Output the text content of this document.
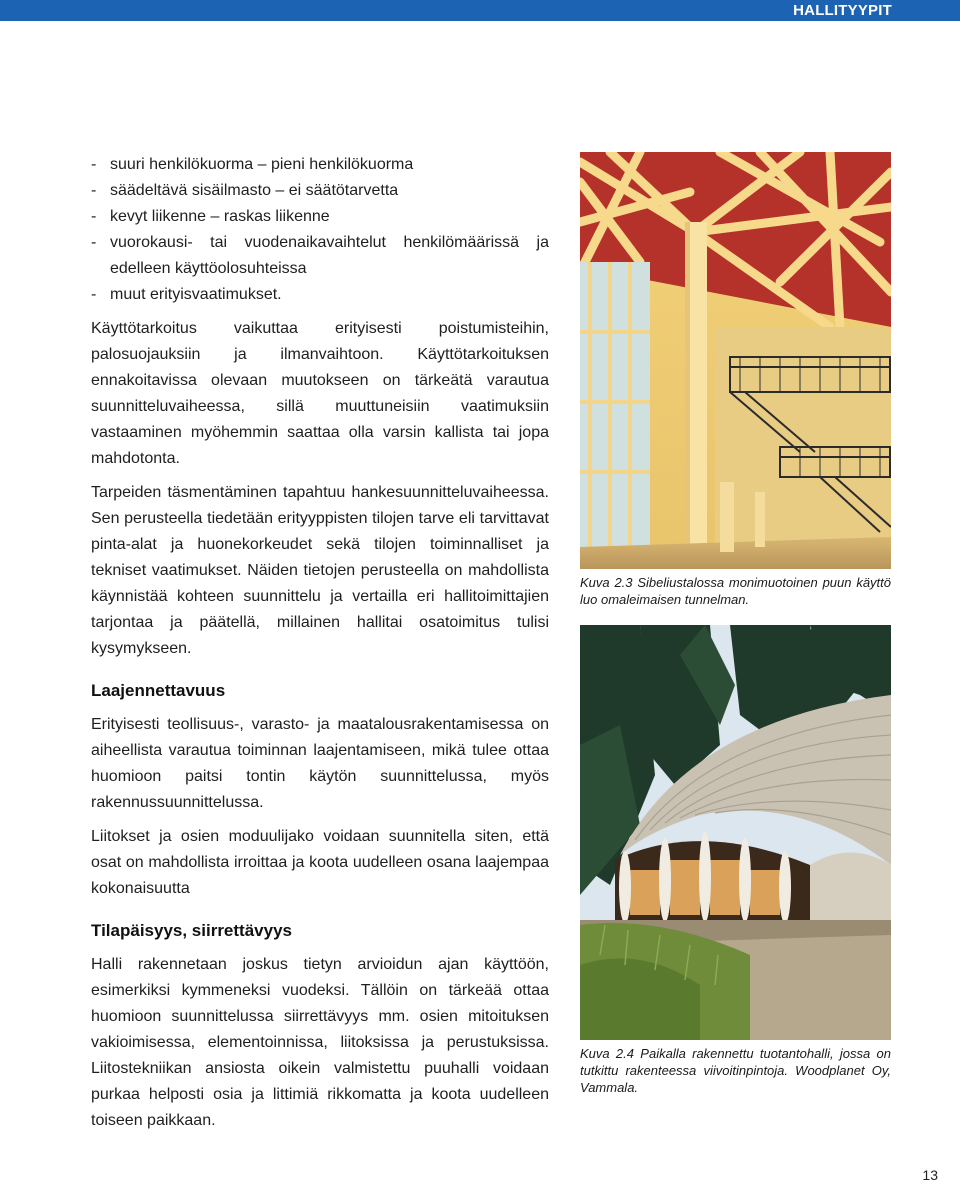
HALLITYYPIT
- suuri henkilökuorma – pieni henkilökuorma
- säädeltävä sisäilmasto – ei säätötarvetta
- kevyt liikenne – raskas liikenne
- vuorokausi- tai vuodenaikavaihtelut henkilömäärissä ja edelleen käyttöolosuhteissa
- muut erityisvaatimukset.

Käyttötarkoitus vaikuttaa erityisesti poistumisteihin, palosuojauksiin ja ilmanvaihtoon. Käyttötarkoituksen ennakoitavissa olevaan muutokseen on tärkeätä varautua suunnitteluvaiheessa, sillä muuttuneisiin vaatimuksiin vastaaminen myöhemmin saattaa olla varsin kallista tai jopa mahdotonta.

Tarpeiden täsmentäminen tapahtuu hankesuunnitteluvaiheessa. Sen perusteella tiedetään erityyppisten tilojen tarve eli tarvittavat pinta-alat ja huonekorkeudet sekä tilojen toiminnalliset ja tekniset vaatimukset. Näiden tietojen perusteella on mahdollista käynnistää kohteen suunnittelu ja vertailla eri hallitoimittajien tarjontaa ja päätellä, millainen hallitai osatoimitus tulisi kysymykseen.

Laajennettavuus

Erityisesti teollisuus-, varasto- ja maatalousrakentamisessa on aiheellista varautua toiminnan laajentamiseen, mikä tulee ottaa huomioon paitsi tontin käytön suunnittelussa, myös rakennussuunnittelussa.

Liitokset ja osien moduulijako voidaan suunnitella siten, että osat on mahdollista irroittaa ja koota uudelleen osana laajempaa kokonaisuutta

Tilapäisyys, siirrettävyys

Halli rakennetaan joskus tietyn arvioidun ajan käyttöön, esimerkiksi kymmeneksi vuodeksi. Tällöin on tärkeää ottaa huomioon suunnittelussa siirrettävyys mm. osien mitoituksen vakioimisessa, elementoinnissa, liitoksissa ja perustuksissa. Liitostekniikan ansiosta oikein valmistettu puuhalli voidaan purkaa helposti osia ja littimiä rikkomatta ja koota uudelleen toiseen paikkaan.

Kuva 2.3 Sibeliustalossa monimuotoinen puun käyttö luo omaleimaisen tunnelman.
Kuva 2.4 Paikalla rakennettu tuotantohalli, jossa on tutkittu rakenteessa viivoitinpintoja. Woodplanet Oy, Vammala.
13
